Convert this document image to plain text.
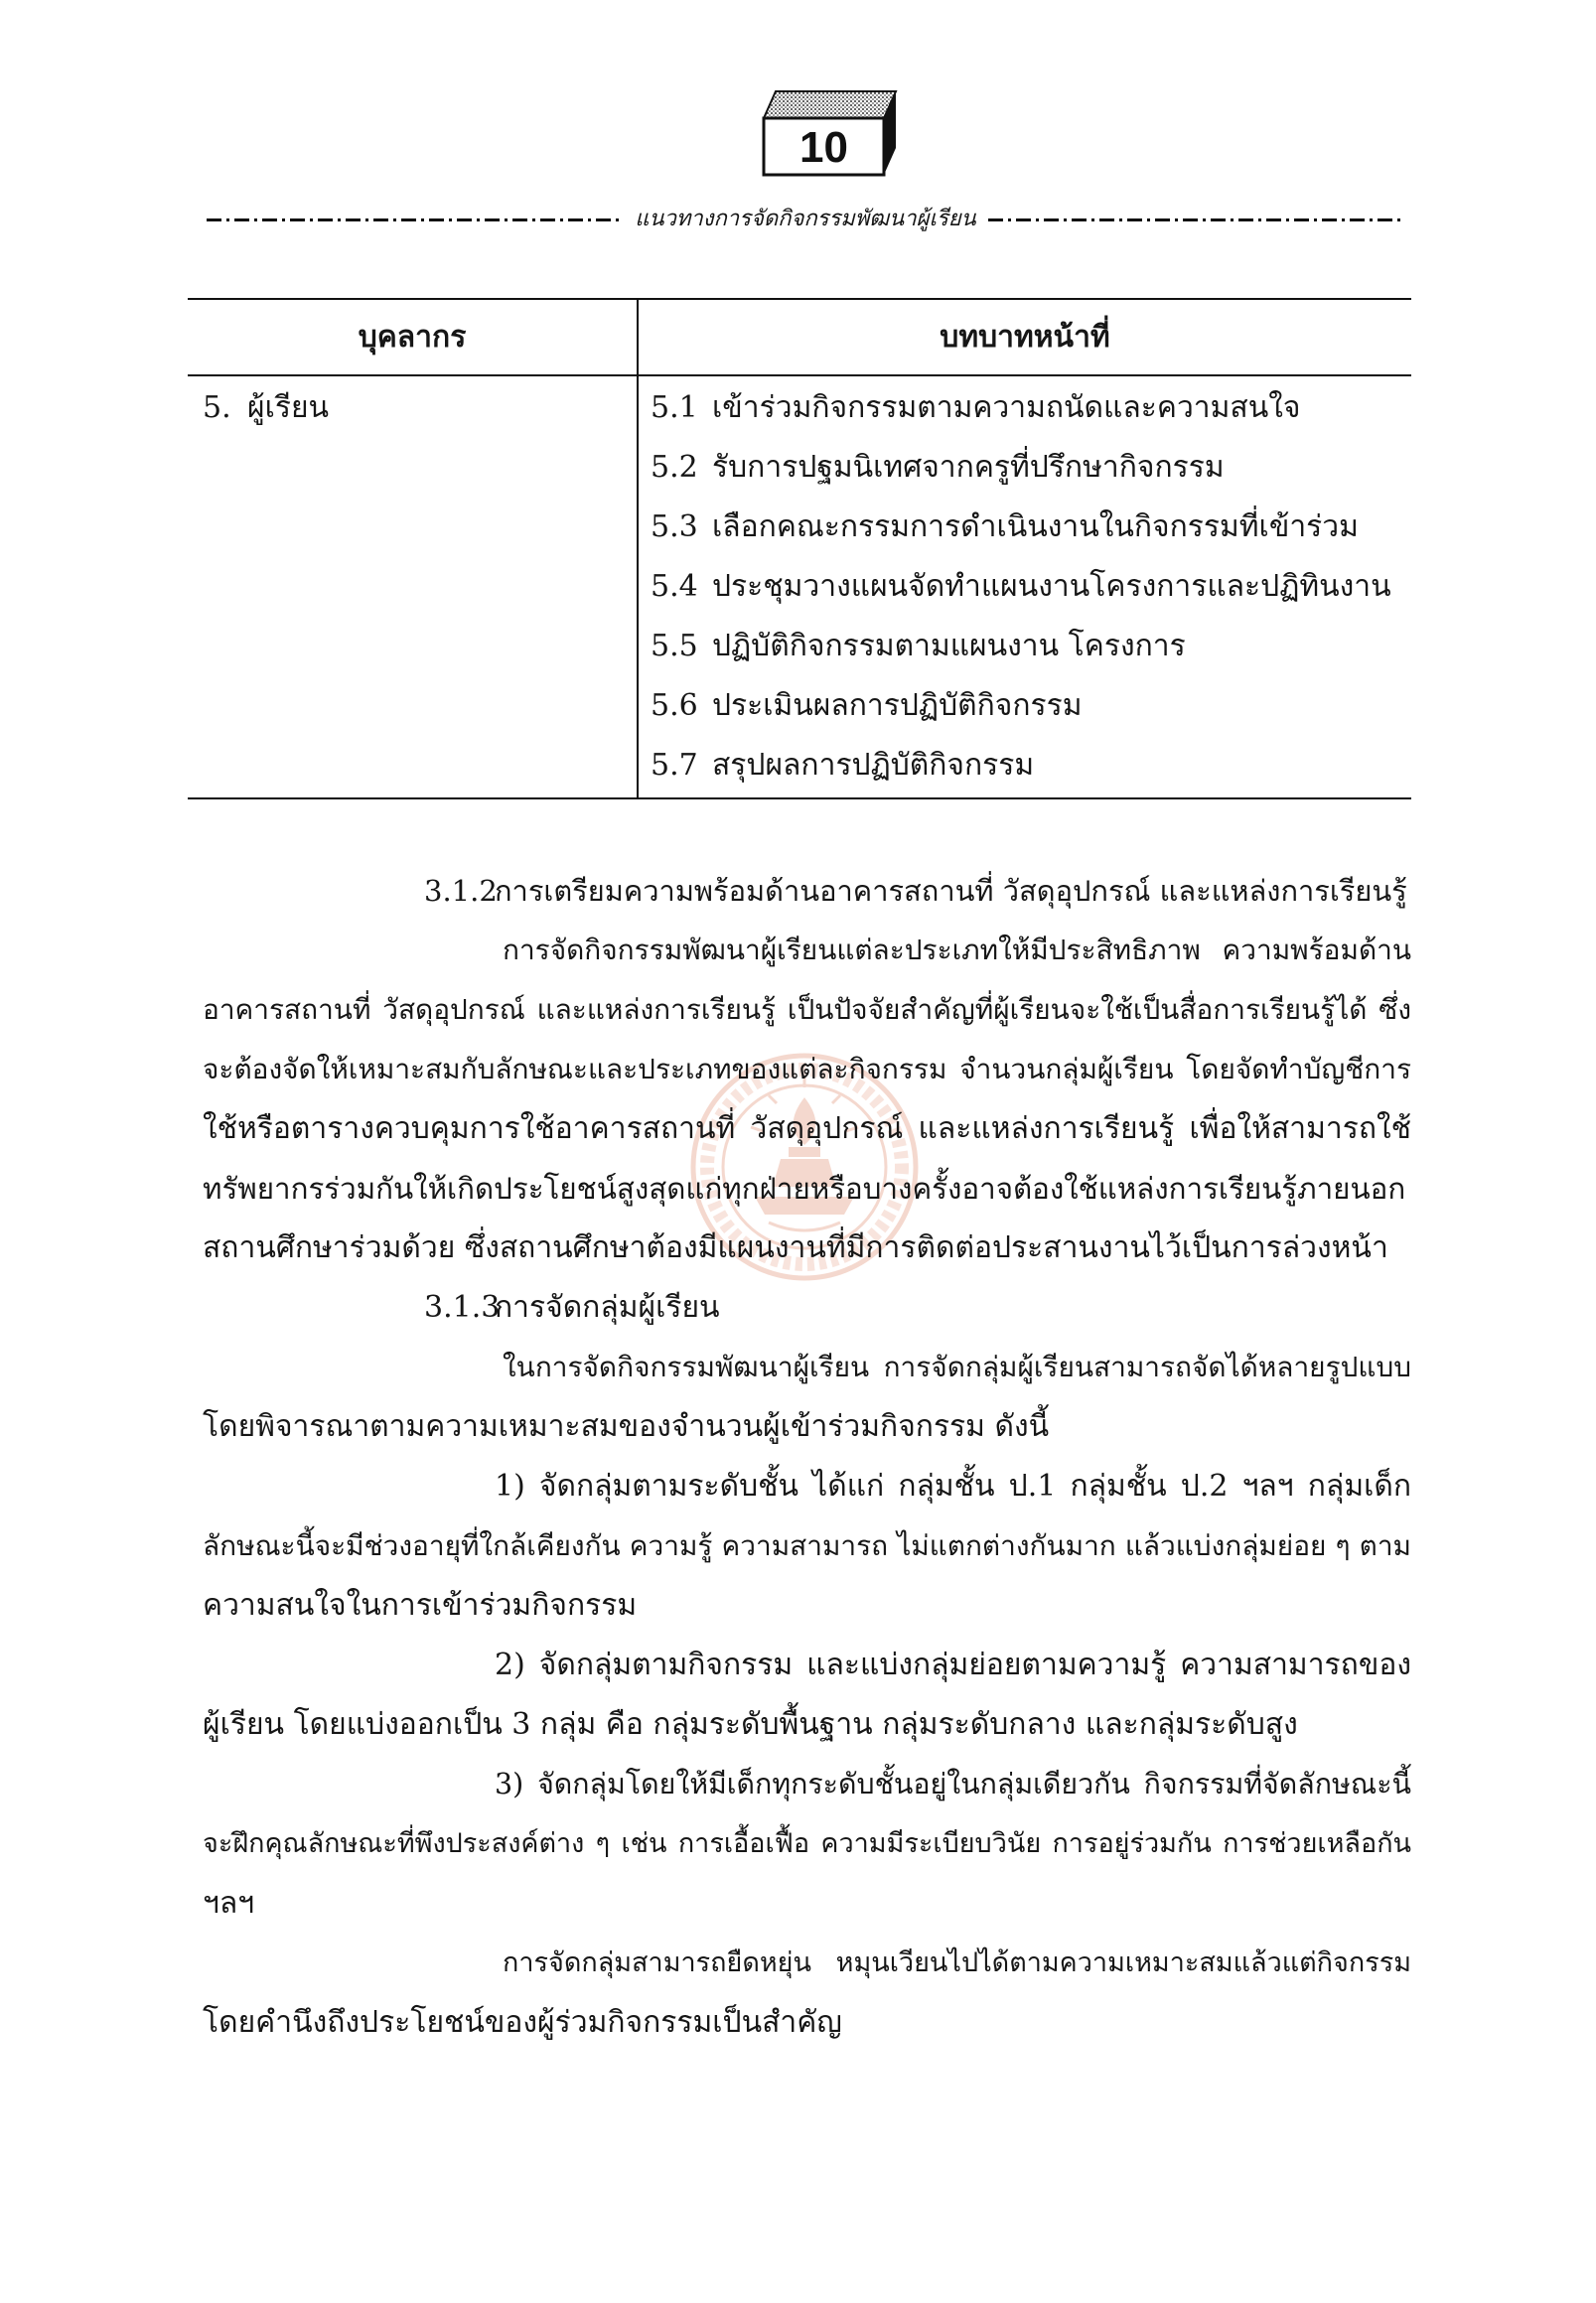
10
แนวทางการจัดกิจกรรมพัฒนาผู้เรียน
บุคลากร	บทบาทหน้าที่
5. ผู้เรียน	5.1 เข้าร่วมกิจกรรมตามความถนัดและความสนใจ
5.2 รับการปฐมนิเทศจากครูที่ปรึกษากิจกรรม
5.3 เลือกคณะกรรมการดำเนินงานในกิจกรรมที่เข้าร่วม
5.4 ประชุมวางแผนจัดทำแผนงานโครงการและปฏิทินงาน
5.5 ปฏิบัติกิจกรรมตามแผนงาน โครงการ
5.6 ประเมินผลการปฏิบัติกิจกรรม
5.7 สรุปผลการปฏิบัติกิจกรรม
3.1.2การเตรียมความพร้อมด้านอาคารสถานที่ วัสดุอุปกรณ์ และแหล่งการเรียนรู้
การจัดกิจกรรมพัฒนาผู้เรียนแต่ละประเภทให้มีประสิทธิภาพ ความพร้อมด้าน
อาคารสถานที่ วัสดุอุปกรณ์ และแหล่งการเรียนรู้ เป็นปัจจัยสำคัญที่ผู้เรียนจะใช้เป็นสื่อการเรียนรู้ได้ ซึ่ง
จะต้องจัดให้เหมาะสมกับลักษณะและประเภทของแต่ละกิจกรรม จำนวนกลุ่มผู้เรียน โดยจัดทำบัญชีการ
ใช้หรือตารางควบคุมการใช้อาคารสถานที่ วัสดุอุปกรณ์ และแหล่งการเรียนรู้ เพื่อให้สามารถใช้
ทรัพยากรร่วมกันให้เกิดประโยชน์สูงสุดแก่ทุกฝ่ายหรือบางครั้งอาจต้องใช้แหล่งการเรียนรู้ภายนอก
สถานศึกษาร่วมด้วย ซึ่งสถานศึกษาต้องมีแผนงานที่มีการติดต่อประสานงานไว้เป็นการล่วงหน้า
3.1.3การจัดกลุ่มผู้เรียน
ในการจัดกิจกรรมพัฒนาผู้เรียน การจัดกลุ่มผู้เรียนสามารถจัดได้หลายรูปแบบ
โดยพิจารณาตามความเหมาะสมของจำนวนผู้เข้าร่วมกิจกรรม ดังนี้
1) จัดกลุ่มตามระดับชั้น ได้แก่ กลุ่มชั้น ป.1 กลุ่มชั้น ป.2 ฯลฯ กลุ่มเด็ก
ลักษณะนี้จะมีช่วงอายุที่ใกล้เคียงกัน ความรู้ ความสามารถ ไม่แตกต่างกันมาก แล้วแบ่งกลุ่มย่อย ๆ ตาม
ความสนใจในการเข้าร่วมกิจกรรม
2) จัดกลุ่มตามกิจกรรม และแบ่งกลุ่มย่อยตามความรู้ ความสามารถของ
ผู้เรียน โดยแบ่งออกเป็น 3 กลุ่ม คือ กลุ่มระดับพื้นฐาน กลุ่มระดับกลาง และกลุ่มระดับสูง
3) จัดกลุ่มโดยให้มีเด็กทุกระดับชั้นอยู่ในกลุ่มเดียวกัน กิจกรรมที่จัดลักษณะนี้
จะฝึกคุณลักษณะที่พึงประสงค์ต่าง ๆ เช่น การเอื้อเฟื้อ ความมีระเบียบวินัย การอยู่ร่วมกัน การช่วยเหลือกัน
ฯลฯ
การจัดกลุ่มสามารถยืดหยุ่น หมุนเวียนไปได้ตามความเหมาะสมแล้วแต่กิจกรรม
โดยคำนึงถึงประโยชน์ของผู้ร่วมกิจกรรมเป็นสำคัญ
